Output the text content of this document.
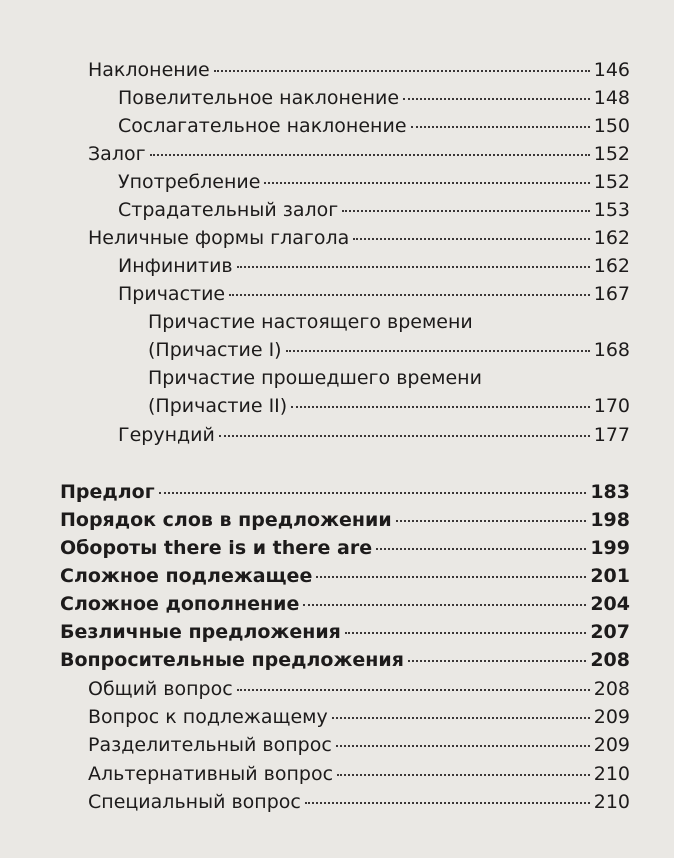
Наклонение	146
Повелительное наклонение	148
Сослагательное наклонение	150
Залог	152
Употребление	152
Страдательный залог	153
Неличные формы глагола	162
Инфинитив	162
Причастие	167
Причастие настоящего времени
(Причастие I)	168
Причастие прошедшего времени
(Причастие II)	170
Герундий	177
Предлог	183
Порядок слов в предложении	198
Обороты there is и there are	199
Сложное подлежащее	201
Сложное дополнение	204
Безличные предложения	207
Вопросительные предложения	208
Общий вопрос	208
Вопрос к подлежащему	209
Разделительный вопрос	209
Альтернативный вопрос	210
Специальный вопрос	210
